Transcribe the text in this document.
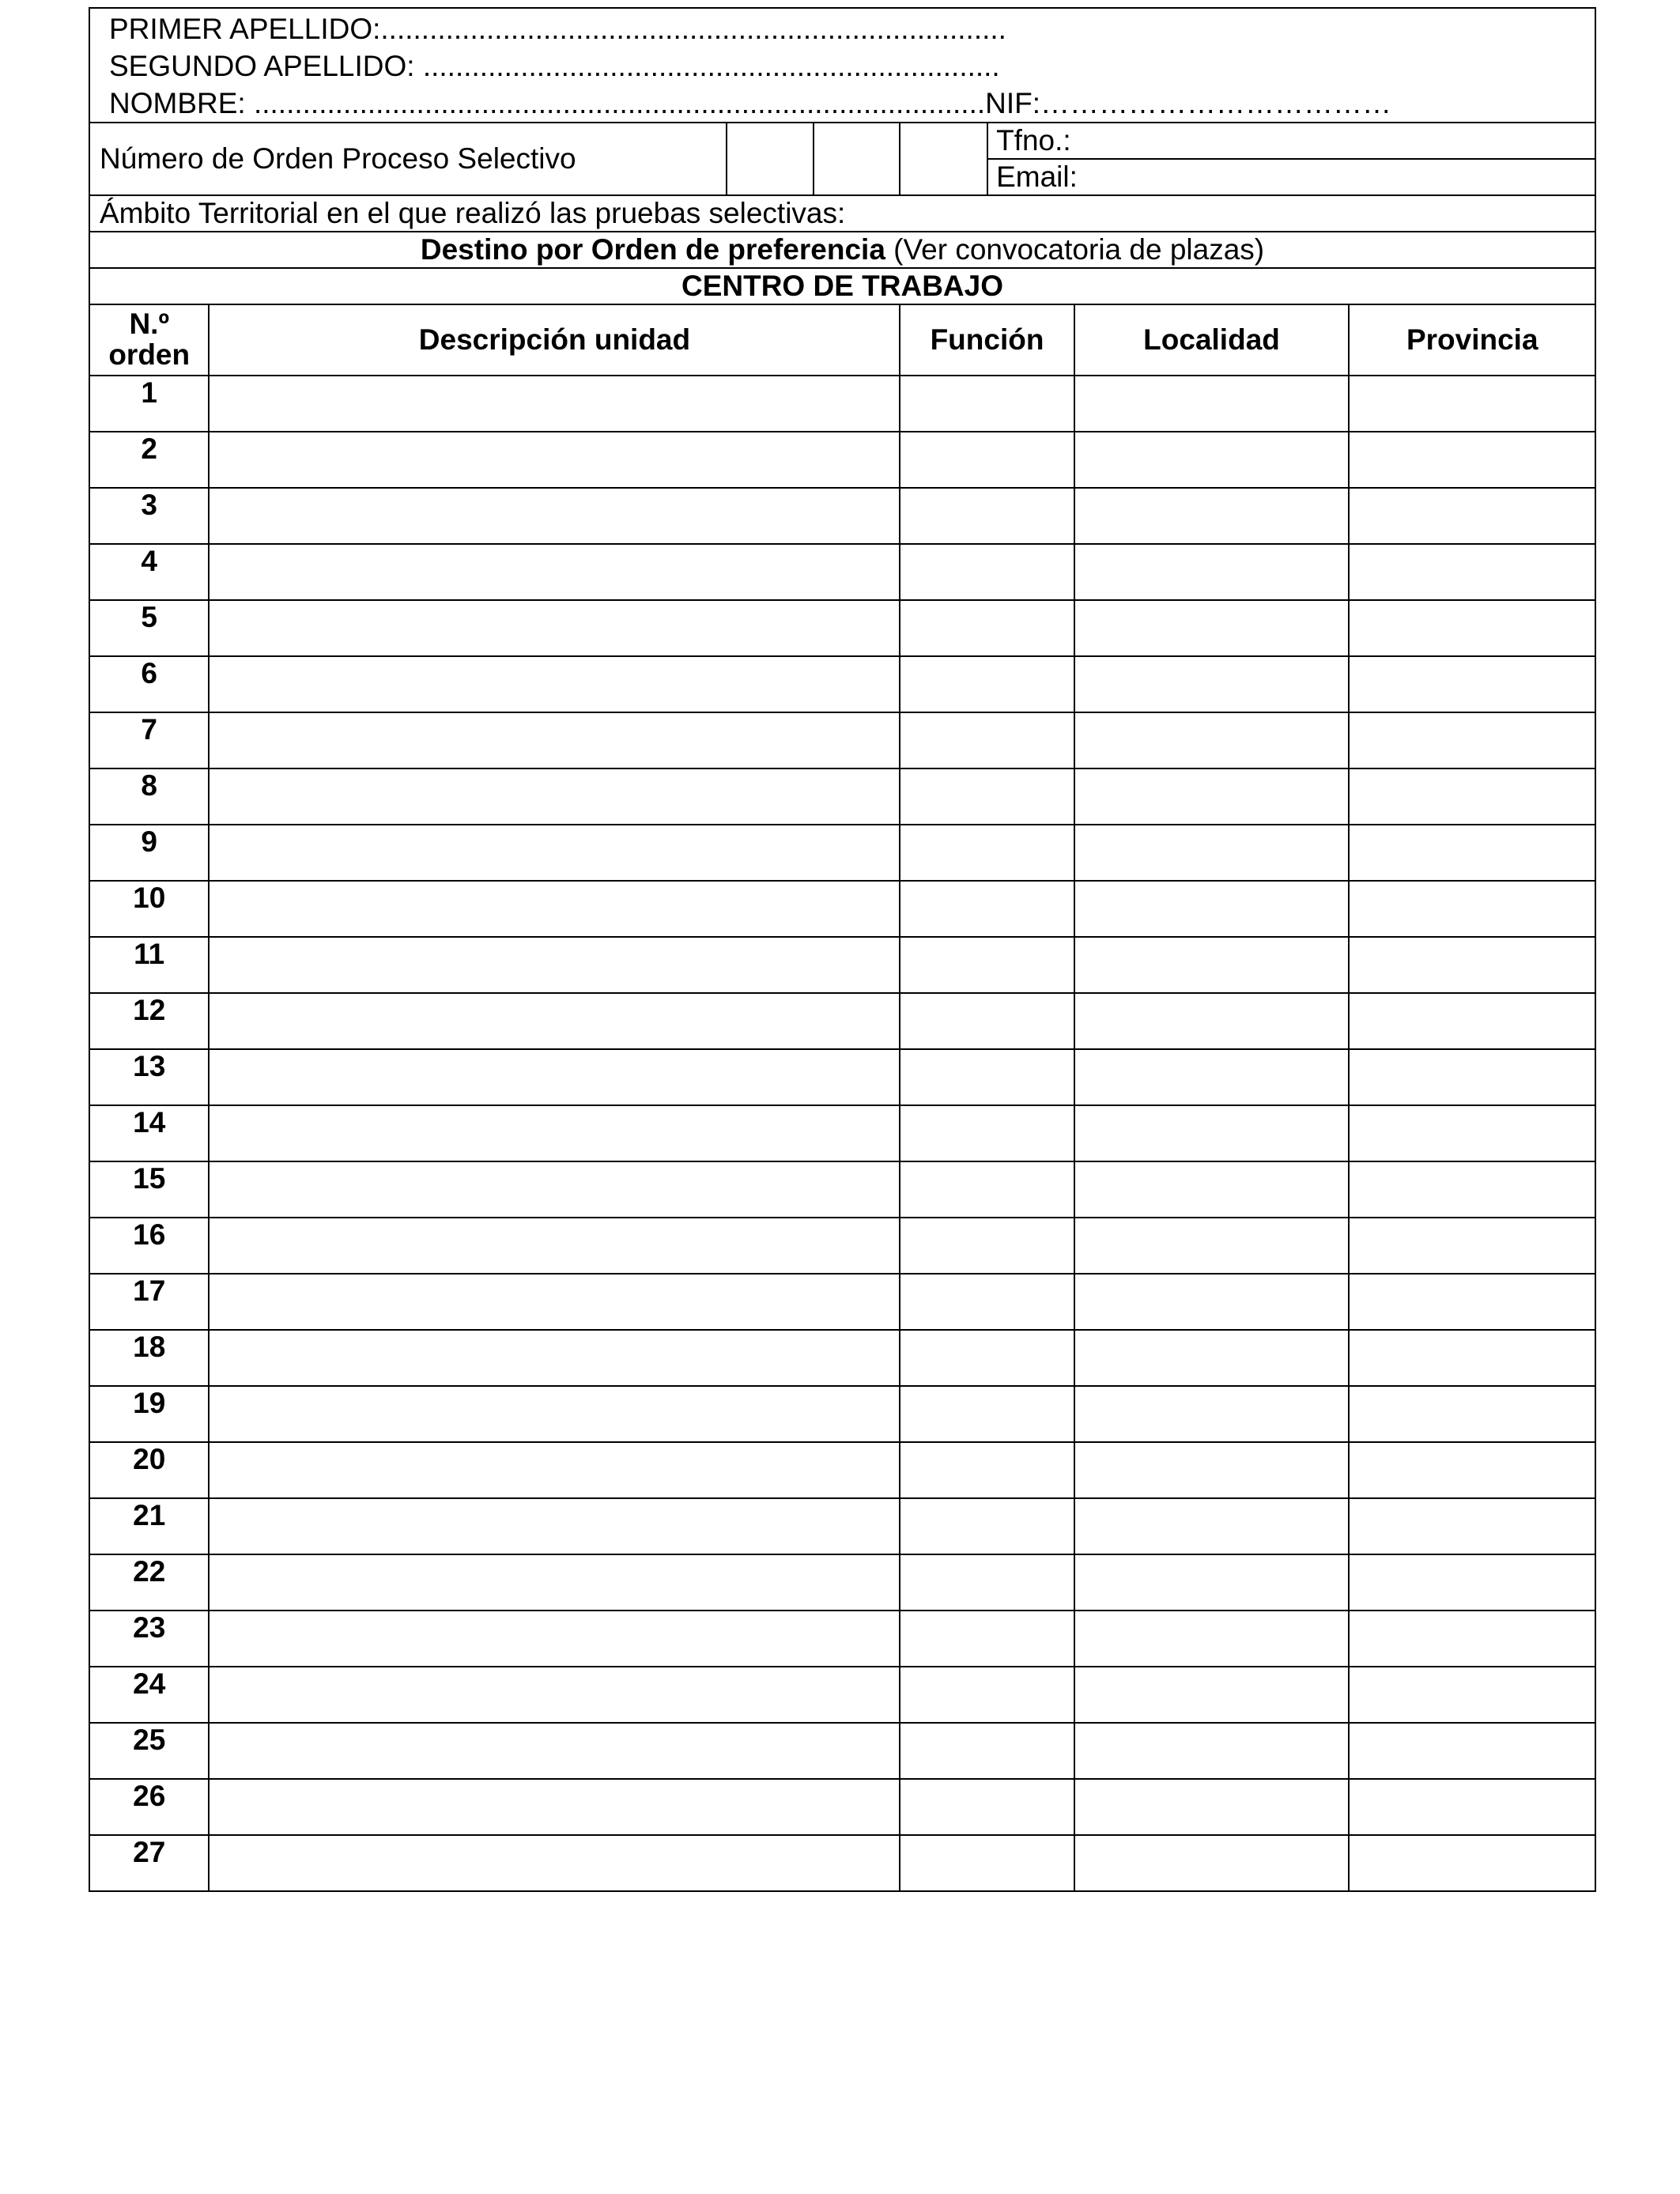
PRIMER APELLIDO:.............................................................................
SEGUNDO APELLIDO: .......................................................................
NOMBRE: ..........................................................................................NIF:………………………………							

Número de Orden Proceso Selectivo					Tfno.:		
					Email:		
Ámbito Territorial en el que realizó las pruebas selectivas:							
Destino por Orden de preferencia (Ver convocatoria de plazas)							
CENTRO DE TRABAJO							

N.º
orden	Descripción unidad			Función		Localidad	Provincia
1							
2							
3							
4							
5							
6							
7							
8							
9							
10							
11							
12							
13							
14							
15							
16							
17							
18							
19							
20							
21							
22							
23							
24							
25							
26							
27							
